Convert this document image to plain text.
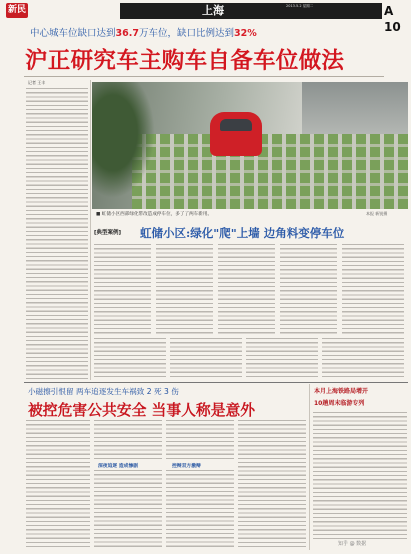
新民	上海	2013.5.2 星期二	A 10
中心城车位缺口达到36.7万车位，缺口比例达到32%
沪正研究车主购车自备车位做法
记者 王丰
■ 虹储小区西部绿化带改造成停车位，多了了两车新用。	本报 新锐摄
[典型案例] 虹储小区:绿化"爬"上墙 边角料变停车位
小磁擦引恨留 两车追逐发生车祸致 2 死 3 伤
被控危害公共安全 当事人称是意外
深夜追逐 造成惨剧	控辩双方激辩
本月上海铁路局增开
10趟周末临游专列
知乎 @ 数据
